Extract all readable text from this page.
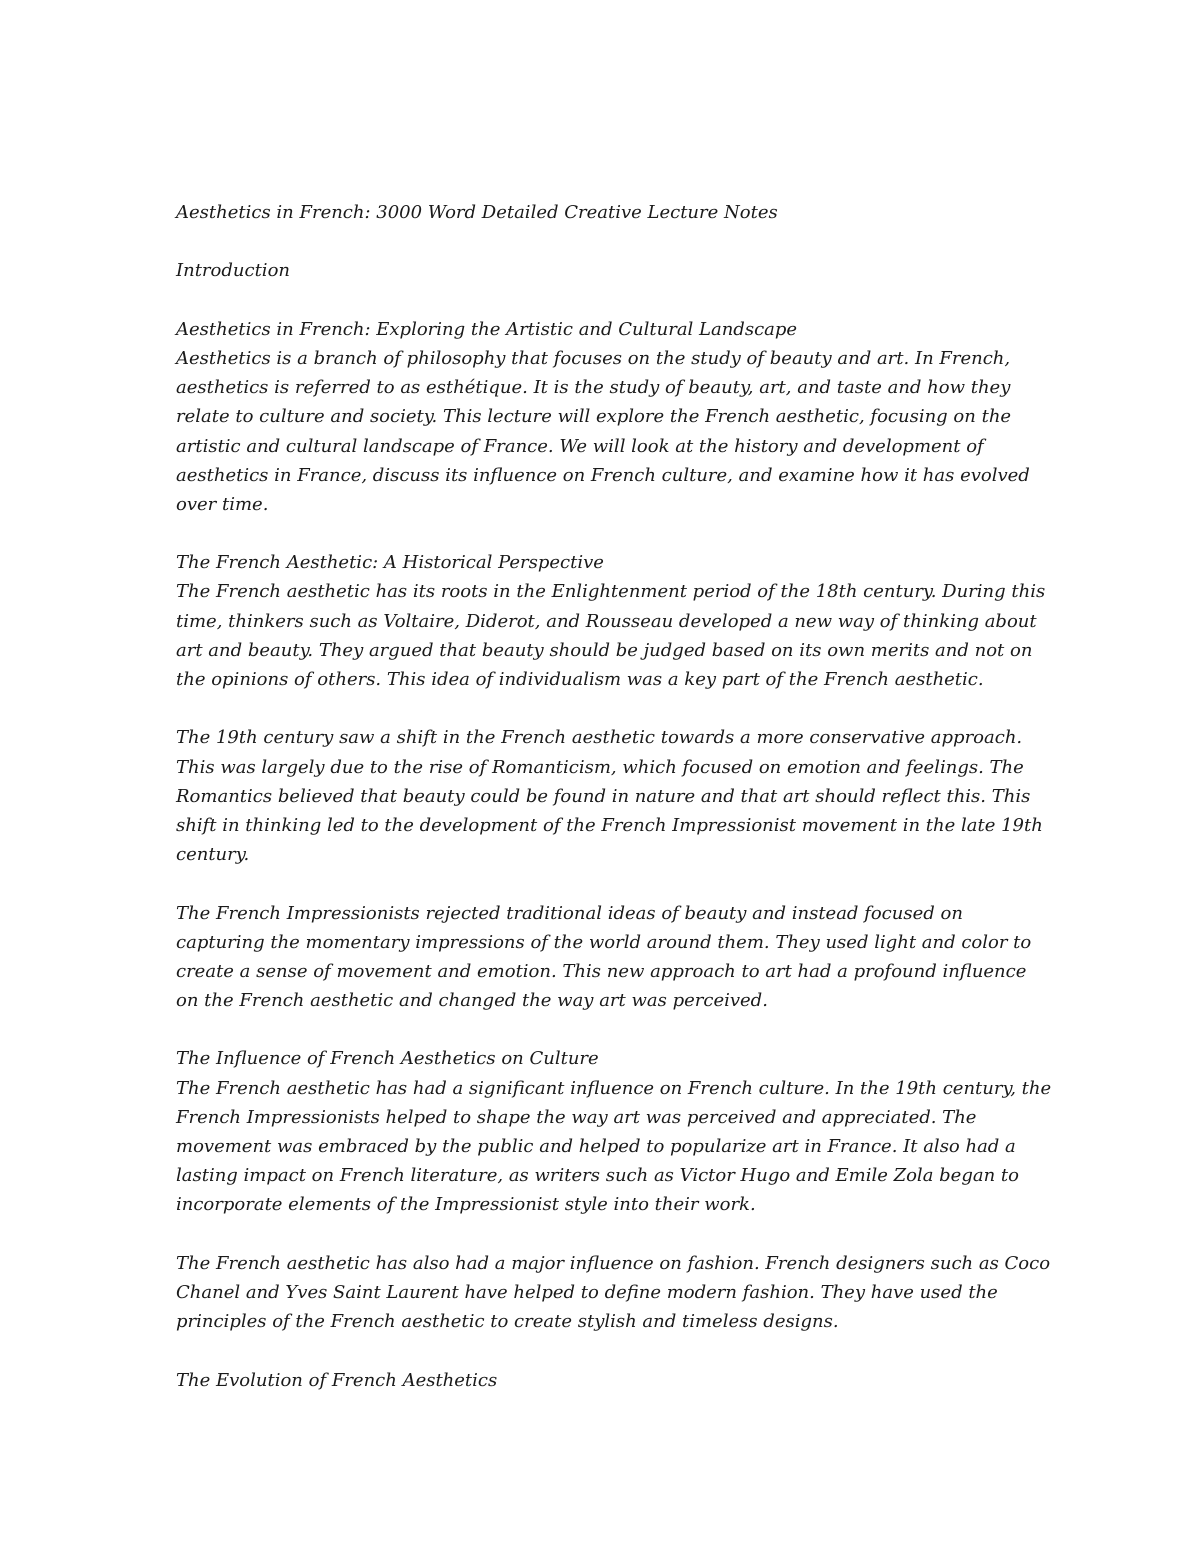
Aesthetics in French: 3000 Word Detailed Creative Lecture Notes
Introduction
Aesthetics in French: Exploring the Artistic and Cultural Landscape
Aesthetics is a branch of philosophy that focuses on the study of beauty and art. In French,
aesthetics is referred to as esthétique. It is the study of beauty, art, and taste and how they
relate to culture and society. This lecture will explore the French aesthetic, focusing on the
artistic and cultural landscape of France. We will look at the history and development of
aesthetics in France, discuss its influence on French culture, and examine how it has evolved
over time.
The French Aesthetic: A Historical Perspective
The French aesthetic has its roots in the Enlightenment period of the 18th century. During this
time, thinkers such as Voltaire, Diderot, and Rousseau developed a new way of thinking about
art and beauty. They argued that beauty should be judged based on its own merits and not on
the opinions of others. This idea of individualism was a key part of the French aesthetic.
The 19th century saw a shift in the French aesthetic towards a more conservative approach.
This was largely due to the rise of Romanticism, which focused on emotion and feelings. The
Romantics believed that beauty could be found in nature and that art should reflect this. This
shift in thinking led to the development of the French Impressionist movement in the late 19th
century.
The French Impressionists rejected traditional ideas of beauty and instead focused on
capturing the momentary impressions of the world around them. They used light and color to
create a sense of movement and emotion. This new approach to art had a profound influence
on the French aesthetic and changed the way art was perceived.
The Influence of French Aesthetics on Culture
The French aesthetic has had a significant influence on French culture. In the 19th century, the
French Impressionists helped to shape the way art was perceived and appreciated. The
movement was embraced by the public and helped to popularize art in France. It also had a
lasting impact on French literature, as writers such as Victor Hugo and Emile Zola began to
incorporate elements of the Impressionist style into their work.
The French aesthetic has also had a major influence on fashion. French designers such as Coco
Chanel and Yves Saint Laurent have helped to define modern fashion. They have used the
principles of the French aesthetic to create stylish and timeless designs.
The Evolution of French Aesthetics
